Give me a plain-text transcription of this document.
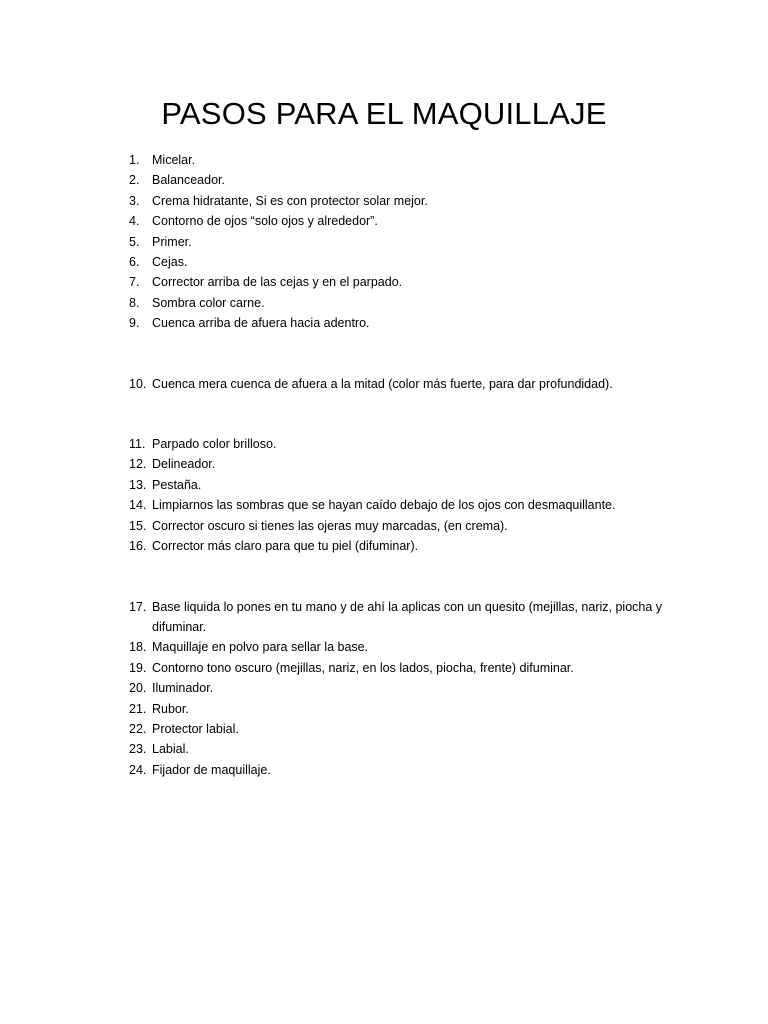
PASOS PARA EL MAQUILLAJE
1. Micelar.
2. Balanceador.
3. Crema hidratante, Si es con protector solar mejor.
4. Contorno de ojos “solo ojos y alrededor”.
5. Primer.
6. Cejas.
7. Corrector arriba de las cejas y en el parpado.
8. Sombra color carne.
9. Cuenca arriba de afuera hacia adentro.
10. Cuenca mera cuenca de afuera a la mitad (color más fuerte, para dar profundidad).
11. Parpado color brilloso.
12. Delineador.
13. Pestaña.
14. Limpiarnos las sombras que se hayan caído debajo de los ojos con desmaquillante.
15. Corrector oscuro si tienes las ojeras muy marcadas, (en crema).
16. Corrector más claro para que tu piel (difuminar).
17. Base liquida lo pones en tu mano y de ahí la aplicas con un quesito (mejillas, nariz, piocha y difuminar.
18. Maquillaje en polvo para sellar la base.
19. Contorno tono oscuro (mejillas, nariz, en los lados, piocha, frente) difuminar.
20. Iluminador.
21. Rubor.
22. Protector labial.
23. Labial.
24. Fijador de maquillaje.
